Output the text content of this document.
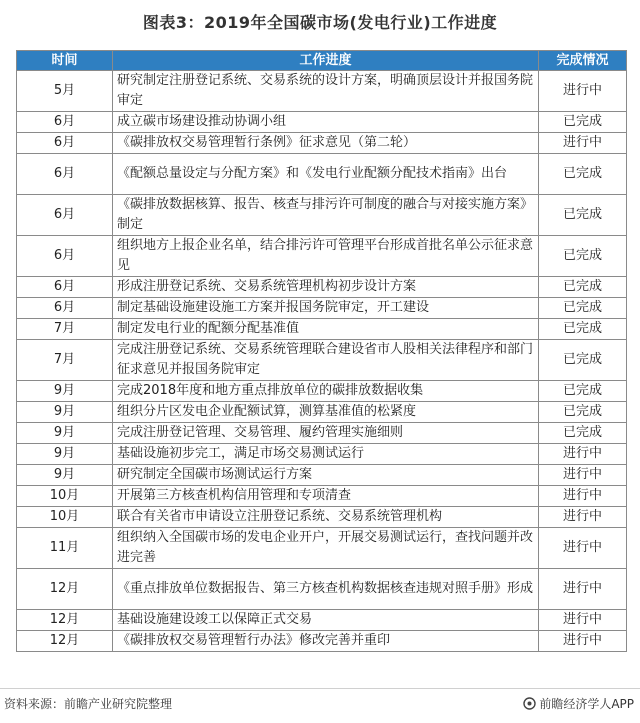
图表3：2019年全国碳市场(发电行业)工作进度
时间	工作进度	完成情况
5月	研究制定注册登记系统、交易系统的设计方案，明确顶层设计并报国务院审定	进行中
6月	成立碳市场建设推动协调小组	已完成
6月	《碳排放权交易管理暂行条例》征求意见（第二轮）	进行中
6月	《配额总量设定与分配方案》和《发电行业配额分配技术指南》出台	已完成
6月	《碳排放数据核算、报告、核查与排污许可制度的融合与对接实施方案》制定	已完成
6月	组织地方上报企业名单，结合排污许可管理平台形成首批名单公示征求意见	已完成
6月	形成注册登记系统、交易系统管理机构初步设计方案	已完成
6月	制定基础设施建设施工方案并报国务院审定，开工建设	已完成
7月	制定发电行业的配额分配基准值	已完成
7月	完成注册登记系统、交易系统管理联合建设省市人股相关法律程序和部门征求意见并报国务院审定	已完成
9月	完成2018年度和地方重点排放单位的碳排放数据收集	已完成
9月	组织分片区发电企业配额试算，测算基准值的松紧度	已完成
9月	完成注册登记管理、交易管理、履约管理实施细则	已完成
9月	基础设施初步完工，满足市场交易测试运行	进行中
9月	研究制定全国碳市场测试运行方案	进行中
10月	开展第三方核查机构信用管理和专项清查	进行中
10月	联合有关省市申请设立注册登记系统、交易系统管理机构	进行中
11月	组织纳入全国碳市场的发电企业开户，开展交易测试运行，查找问题并改进完善	进行中
12月	《重点排放单位数据报告、第三方核查机构数据核查违规对照手册》形成	进行中
12月	基础设施建设竣工以保障正式交易	进行中
12月	《碳排放权交易管理暂行办法》修改完善并重印	进行中
资料来源：前瞻产业研究院整理	前瞻经济学人APP
